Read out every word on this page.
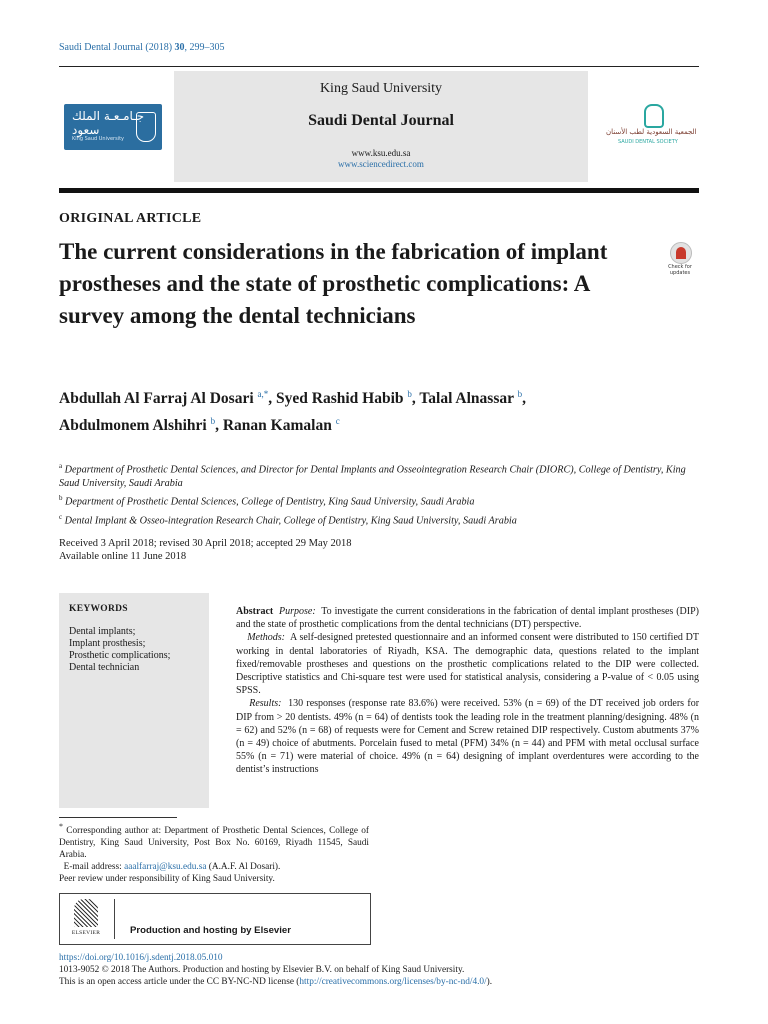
Saudi Dental Journal (2018) 30, 299–305
جـامـعـة الملك سعود
King Saud University
King Saud University
Saudi Dental Journal
www.ksu.edu.sa
www.sciencedirect.com
الجمعية السعودية لطب الأسنان
SAUDI DENTAL SOCIETY
ORIGINAL ARTICLE
The current considerations in the fabrication of implant prostheses and the state of prosthetic complications: A survey among the dental technicians
Check for updates
Abdullah Al Farraj Al Dosari $^{a,*}$, Syed Rashid Habib $^b$, Talal Alnassar $^b$,
Abdulmonem Alshihri $^b$, Ranan Kamalan $^c$
$^a$ Department of Prosthetic Dental Sciences, and Director for Dental Implants and Osseointegration Research Chair (DIORC), College of Dentistry, King Saud University, Saudi Arabia
$^b$ Department of Prosthetic Dental Sciences, College of Dentistry, King Saud University, Saudi Arabia
$^c$ Dental Implant & Osseo-integration Research Chair, College of Dentistry, King Saud University, Saudi Arabia
Received 3 April 2018; revised 30 April 2018; accepted 29 May 2018
Available online 11 June 2018
KEYWORDS
Dental implants;
Implant prosthesis;
Prosthetic complications;
Dental technician
Abstract Purpose: To investigate the current considerations in the fabrication of dental implant prostheses (DIP) and the state of prosthetic complications from the dental technicians (DT) perspective.
Methods: A self-designed pretested questionnaire and an informed consent were distributed to 150 certified DT working in dental laboratories of Riyadh, KSA. The demographic data, questions related to the implant fixed/removable prostheses and questions on the prosthetic complications related to the DIP were collected. Descriptive statistics and Chi-square test were used for statistical analysis, considering a P-value of < 0.05 using SPSS.
Results: 130 responses (response rate 83.6%) were received. 53% (n = 69) of the DT received job orders for DIP from > 20 dentists. 49% (n = 64) of dentists took the leading role in the treatment planning/designing. 48% (n = 62) and 52% (n = 68) of requests were for Cement and Screw retained DIP respectively. Custom abutments 37% (n = 49) choice of abutments. Porcelain fused to metal (PFM) 34% (n = 44) and PFM with metal occlusal surface 55% (n = 71) were material of choice. 49% (n = 64) designing of implant overdentures were according to the dentist’s instructions
* Corresponding author at: Department of Prosthetic Dental Sciences, College of Dentistry, King Saud University, Post Box No. 60169, Riyadh 11545, Saudi Arabia.
E-mail address: aaalfarraj@ksu.edu.sa (A.A.F. Al Dosari).
Peer review under responsibility of King Saud University.
ELSEVIER	Production and hosting by Elsevier
https://doi.org/10.1016/j.sdentj.2018.05.010
1013-9052 © 2018 The Authors. Production and hosting by Elsevier B.V. on behalf of King Saud University.
This is an open access article under the CC BY-NC-ND license (http://creativecommons.org/licenses/by-nc-nd/4.0/).
